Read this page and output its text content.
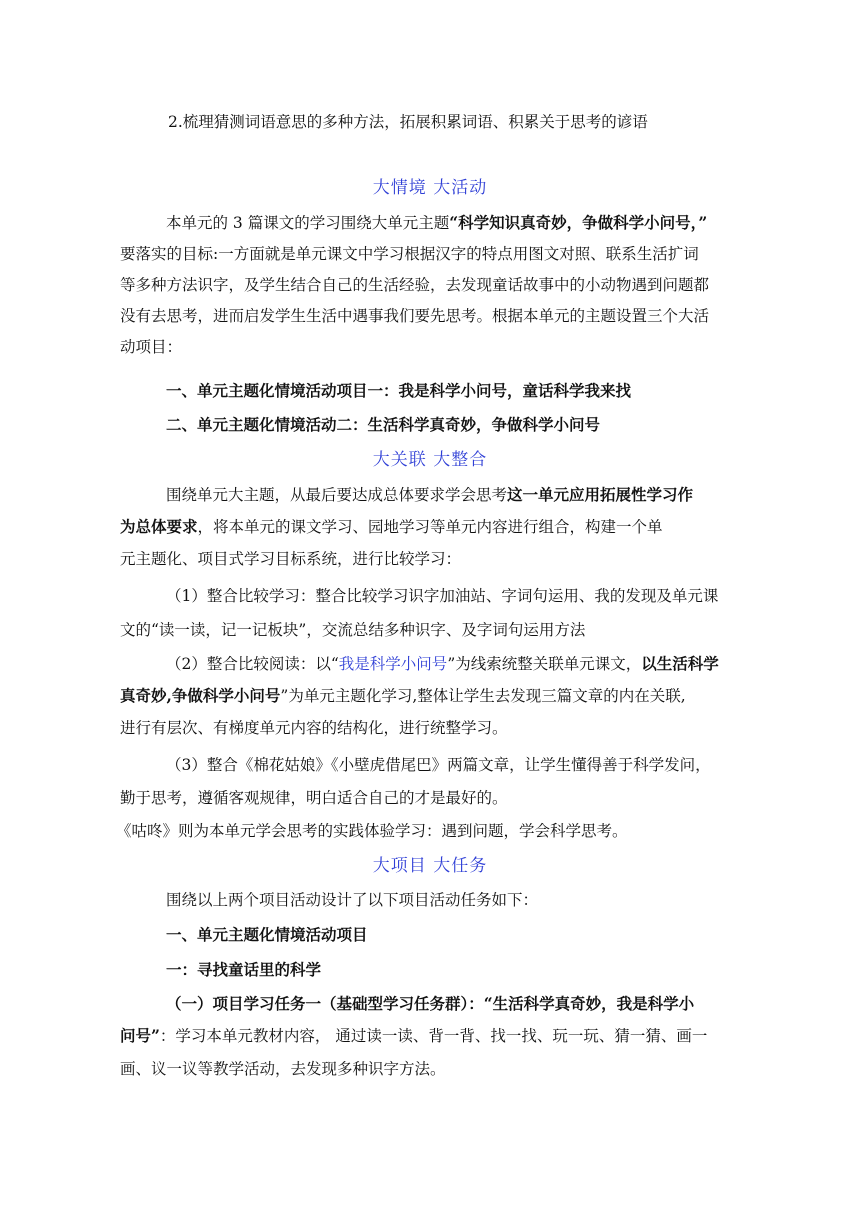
2.梳理猜测词语意思的多种方法，拓展积累词语、积累关于思考的谚语
大情境 大活动
本单元的 3 篇课文的学习围绕大单元主题“科学知识真奇妙，争做科学小问号，”
要落实的目标:一方面就是单元课文中学习根据汉字的特点用图文对照、联系生活扩词
等多种方法识字，及学生结合自己的生活经验，去发现童话故事中的小动物遇到问题都
没有去思考，进而启发学生生活中遇事我们要先思考。根据本单元的主题设置三个大活
动项目：
一、单元主题化情境活动项目一：我是科学小问号，童话科学我来找
二、单元主题化情境活动二：生活科学真奇妙，争做科学小问号
大关联 大整合
围绕单元大主题，从最后要达成总体要求学会思考这一单元应用拓展性学习作
为总体要求，将本单元的课文学习、园地学习等单元内容进行组合，构建一个单
元主题化、项目式学习目标系统，进行比较学习：
（1）整合比较学习：整合比较学习识字加油站、字词句运用、我的发现及单元课
文的“读一读，记一记板块”，交流总结多种识字、及字词句运用方法
（2）整合比较阅读：以“我是科学小问号”为线索统整关联单元课文，以生活科学
真奇妙,争做科学小问号”为单元主题化学习,整体让学生去发现三篇文章的内在关联,
进行有层次、有梯度单元内容的结构化，进行统整学习。
（3）整合《棉花姑娘》《小壁虎借尾巴》两篇文章，让学生懂得善于科学发问，
勤于思考，遵循客观规律，明白适合自己的才是最好的。
《咕咚》则为本单元学会思考的实践体验学习：遇到问题，学会科学思考。
大项目 大任务
围绕以上两个项目活动设计了以下项目活动任务如下：
一、单元主题化情境活动项目
一：寻找童话里的科学
（一）项目学习任务一（基础型学习任务群）：“生活科学真奇妙，我是科学小
问号”：学习本单元教材内容， 通过读一读、背一背、找一找、玩一玩、猜一猜、画一
画、议一议等教学活动，去发现多种识字方法。
